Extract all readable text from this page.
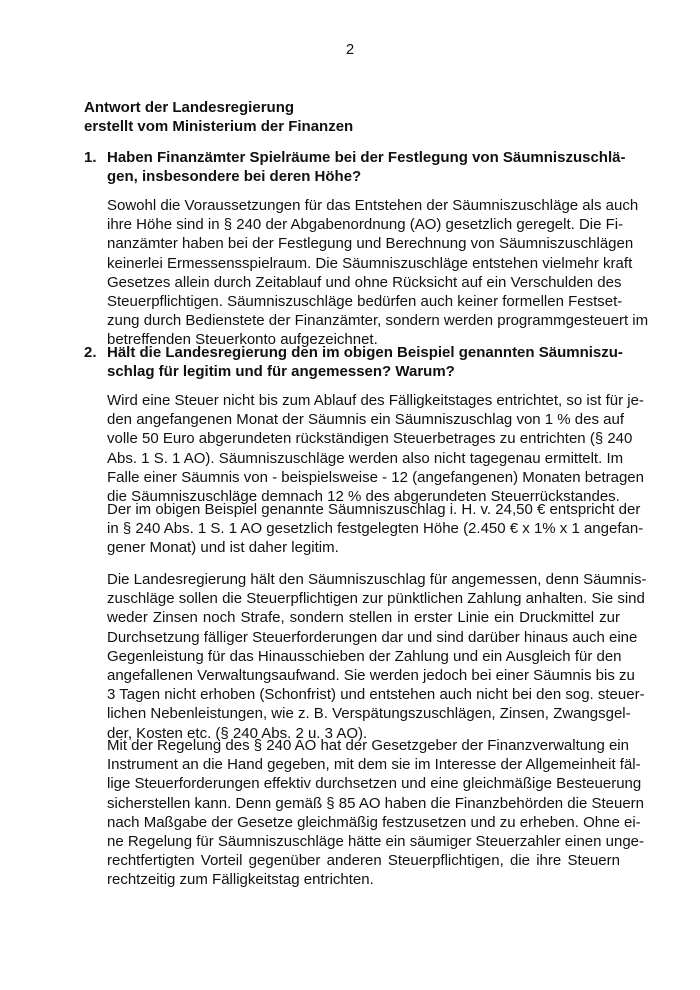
2
Antwort der Landesregierung
erstellt vom Ministerium der Finanzen
1. Haben Finanzämter Spielräume bei der Festlegung von Säumniszuschlä-
gen, insbesondere bei deren Höhe?
Sowohl die Voraussetzungen für das Entstehen der Säumniszuschläge als auch
ihre Höhe sind in § 240 der Abgabenordnung (AO) gesetzlich geregelt. Die Fi-
nanzämter haben bei der Festlegung und Berechnung von Säumniszuschlägen
keinerlei Ermessensspielraum. Die Säumniszuschläge entstehen vielmehr kraft
Gesetzes allein durch Zeitablauf und ohne Rücksicht auf ein Verschulden des
Steuerpflichtigen. Säumniszuschläge bedürfen auch keiner formellen Festset-
zung durch Bedienstete der Finanzämter, sondern werden programmgesteuert im
betreffenden Steuerkonto aufgezeichnet.
2. Hält die Landesregierung den im obigen Beispiel genannten Säumniszu-
schlag für legitim und für angemessen? Warum?
Wird eine Steuer nicht bis zum Ablauf des Fälligkeitstages entrichtet, so ist für je-
den angefangenen Monat der Säumnis ein Säumniszuschlag von 1 % des auf
volle 50 Euro abgerundeten rückständigen Steuerbetrages zu entrichten (§ 240
Abs. 1 S. 1 AO). Säumniszuschläge werden also nicht tagegenau ermittelt. Im
Falle einer Säumnis von - beispielsweise - 12 (angefangenen) Monaten betragen
die Säumniszuschläge demnach 12 % des abgerundeten Steuerrückstandes.
Der im obigen Beispiel genannte Säumniszuschlag i. H. v. 24,50 € entspricht der
in § 240 Abs. 1 S. 1 AO gesetzlich festgelegten Höhe (2.450 € x 1% x 1 angefan-
gener Monat) und ist daher legitim.
Die Landesregierung hält den Säumniszuschlag für angemessen, denn Säumnis-
zuschläge sollen die Steuerpflichtigen zur pünktlichen Zahlung anhalten. Sie sind
weder Zinsen noch Strafe, sondern stellen in erster Linie ein Druckmittel zur
Durchsetzung fälliger Steuerforderungen dar und sind darüber hinaus auch eine
Gegenleistung für das Hinausschieben der Zahlung und ein Ausgleich für den
angefallenen Verwaltungsaufwand. Sie werden jedoch bei einer Säumnis bis zu
3 Tagen nicht erhoben (Schonfrist) und entstehen auch nicht bei den sog. steuer-
lichen Nebenleistungen, wie z. B. Verspätungszuschlägen, Zinsen, Zwangsgel-
der, Kosten etc. (§ 240 Abs. 2 u. 3 AO).
Mit der Regelung des § 240 AO hat der Gesetzgeber der Finanzverwaltung ein
Instrument an die Hand gegeben, mit dem sie im Interesse der Allgemeinheit fäl-
lige Steuerforderungen effektiv durchsetzen und eine gleichmäßige Besteuerung
sicherstellen kann. Denn gemäß § 85 AO haben die Finanzbehörden die Steuern
nach Maßgabe der Gesetze gleichmäßig festzusetzen und zu erheben. Ohne ei-
ne Regelung für Säumniszuschläge hätte ein säumiger Steuerzahler einen unge-
rechtfertigten Vorteil gegenüber anderen Steuerpflichtigen, die ihre Steuern
rechtzeitig zum Fälligkeitstag entrichten.
